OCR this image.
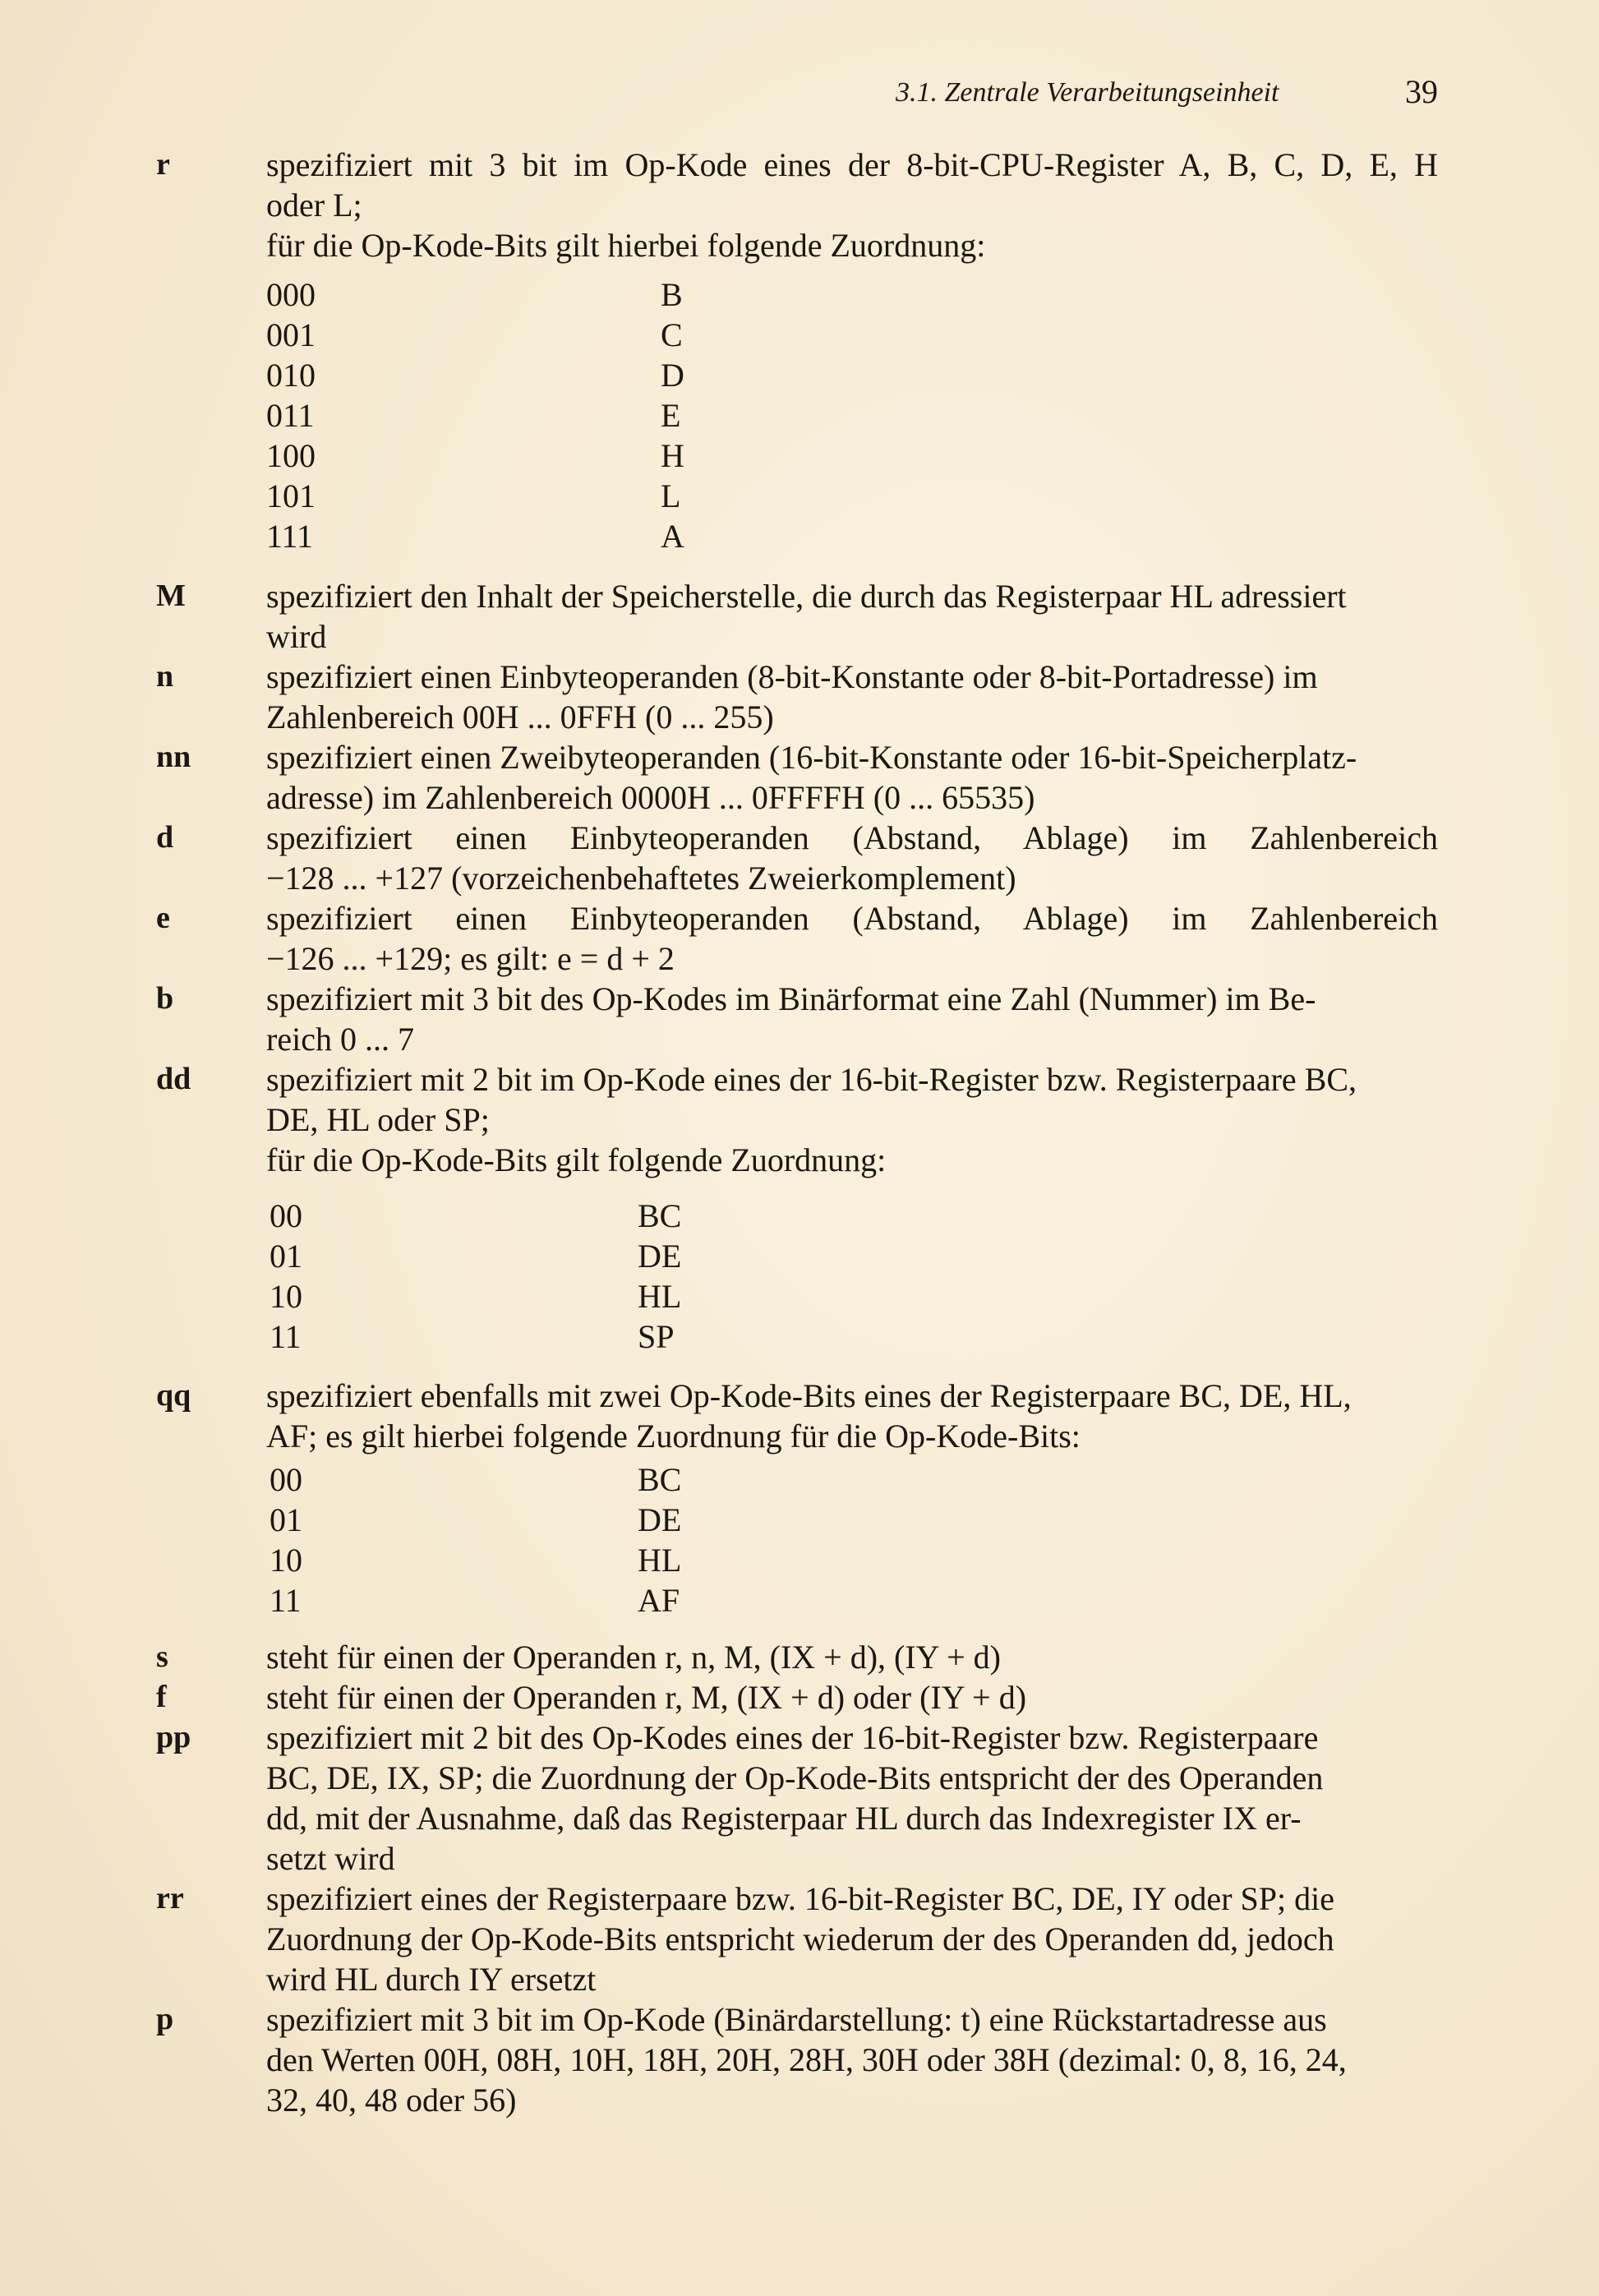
3.1. Zentrale Verarbeitungseinheit	39
r	spezifiziert mit 3 bit im Op-Kode eines der 8-bit-CPU-Register A, B, C, D, E, H

oder L;

für die Op-Kode-Bits gilt hierbei folgende Zuordnung:

000	B
001	C
010	D
011	E
100	H
101	L
111	A
M	spezifiziert den Inhalt der Speicherstelle, die durch das Registerpaar HL adressiert

wird

n	spezifiziert einen Einbyteoperanden (8-bit-Konstante oder 8-bit-Portadresse) im

Zahlenbereich 00H ... 0FFH (0 ... 255)

nn	spezifiziert einen Zweibyteoperanden (16-bit-Konstante oder 16-bit-Speicherplatz-

adresse) im Zahlenbereich 0000H ... 0FFFFH (0 ... 65535)

d	spezifiziert einen Einbyteoperanden (Abstand, Ablage) im Zahlenbereich

−128 ... +127 (vorzeichenbehaftetes Zweierkomplement)

e	spezifiziert einen Einbyteoperanden (Abstand, Ablage) im Zahlenbereich

−126 ... +129; es gilt: e = d + 2

b	spezifiziert mit 3 bit des Op-Kodes im Binärformat eine Zahl (Nummer) im Be-

reich 0 ... 7

dd	spezifiziert mit 2 bit im Op-Kode eines der 16-bit-Register bzw. Registerpaare BC,

DE, HL oder SP;

für die Op-Kode-Bits gilt folgende Zuordnung:

00	BC
01	DE
10	HL
11	SP
qq	spezifiziert ebenfalls mit zwei Op-Kode-Bits eines der Registerpaare BC, DE, HL,

AF; es gilt hierbei folgende Zuordnung für die Op-Kode-Bits:

00	BC
01	DE
10	HL
11	AF
s	steht für einen der Operanden r, n, M, (IX + d), (IY + d)

f	steht für einen der Operanden r, M, (IX + d) oder (IY + d)

pp	spezifiziert mit 2 bit des Op-Kodes eines der 16-bit-Register bzw. Registerpaare

BC, DE, IX, SP; die Zuordnung der Op-Kode-Bits entspricht der des Operanden

dd, mit der Ausnahme, daß das Registerpaar HL durch das Indexregister IX er-

setzt wird

rr	spezifiziert eines der Registerpaare bzw. 16-bit-Register BC, DE, IY oder SP; die

Zuordnung der Op-Kode-Bits entspricht wiederum der des Operanden dd, jedoch

wird HL durch IY ersetzt

p	spezifiziert mit 3 bit im Op-Kode (Binärdarstellung: t) eine Rückstartadresse aus

den Werten 00H, 08H, 10H, 18H, 20H, 28H, 30H oder 38H (dezimal: 0, 8, 16, 24,

32, 40, 48 oder 56)
